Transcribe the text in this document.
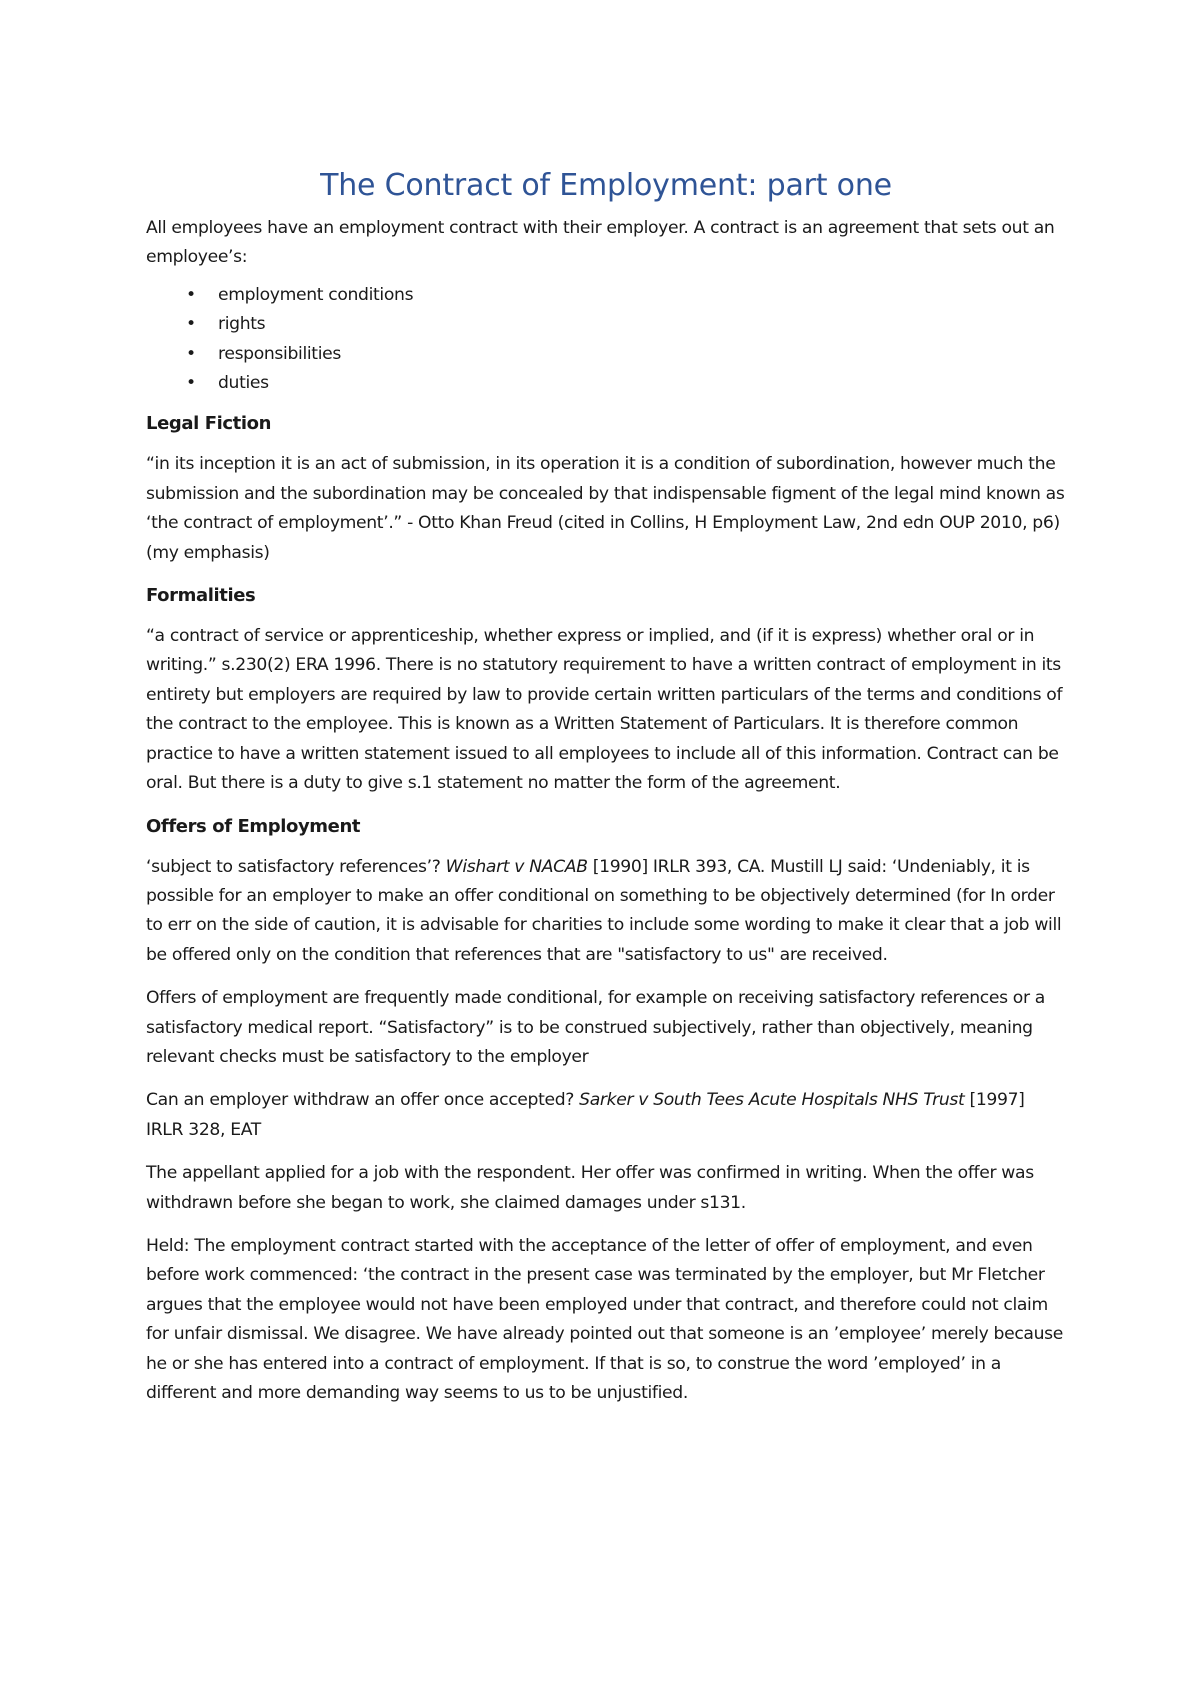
The Contract of Employment: part one

All employees have an employment contract with their employer. A contract is an agreement that sets out an employee’s:

• employment conditions
• rights
• responsibilities
• duties
Legal Fiction

“in its inception it is an act of submission, in its operation it is a condition of subordination, however much the submission and the subordination may be concealed by that indispensable figment of the legal mind known as ‘the contract of employment’.” - Otto Khan Freud (cited in Collins, H Employment Law, 2nd edn OUP 2010, p6) (my emphasis)

Formalities

“a contract of service or apprenticeship, whether express or implied, and (if it is express) whether oral or in writing.” s.230(2) ERA 1996. There is no statutory requirement to have a written contract of employment in its entirety but employers are required by law to provide certain written particulars of the terms and conditions of the contract to the employee. This is known as a Written Statement of Particulars. It is therefore common practice to have a written statement issued to all employees to include all of this information. Contract can be oral. But there is a duty to give s.1 statement no matter the form of the agreement.

Offers of Employment

‘subject to satisfactory references’? Wishart v NACAB [1990] IRLR 393, CA. Mustill LJ said: ‘Undeniably, it is possible for an employer to make an offer conditional on something to be objectively determined (for In order to err on the side of caution, it is advisable for charities to include some wording to make it clear that a job will be offered only on the condition that references that are "satisfactory to us" are received.

Offers of employment are frequently made conditional, for example on receiving satisfactory references or a satisfactory medical report. “Satisfactory” is to be construed subjectively, rather than objectively, meaning relevant checks must be satisfactory to the employer

Can an employer withdraw an offer once accepted? Sarker v South Tees Acute Hospitals NHS Trust [1997] IRLR 328, EAT

The appellant applied for a job with the respondent. Her offer was confirmed in writing. When the offer was withdrawn before she began to work, she claimed damages under s131.

Held: The employment contract started with the acceptance of the letter of offer of employment, and even before work commenced: ‘the contract in the present case was terminated by the employer, but Mr Fletcher argues that the employee would not have been employed under that contract, and therefore could not claim for unfair dismissal. We disagree. We have already pointed out that someone is an ’employee’ merely because he or she has entered into a contract of employment. If that is so, to construe the word ’employed’ in a different and more demanding way seems to us to be unjustified.
